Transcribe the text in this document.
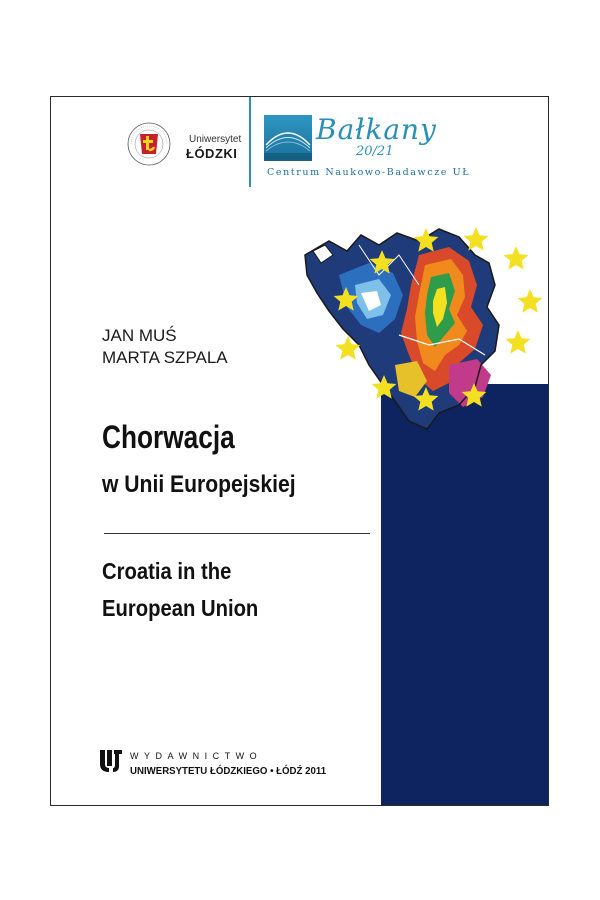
Uniwersytet
ŁÓDZKI
Bałkany
20/21
Centrum Naukowo-Badawcze UŁ
JAN MUŚ
MARTA SZPALA
Chorwacja
w Unii Europejskiej
Croatia in the
European Union
WYDAWNICTWO
UNIWERSYTETU ŁÓDZKIEGO • ŁÓDŹ 2011
